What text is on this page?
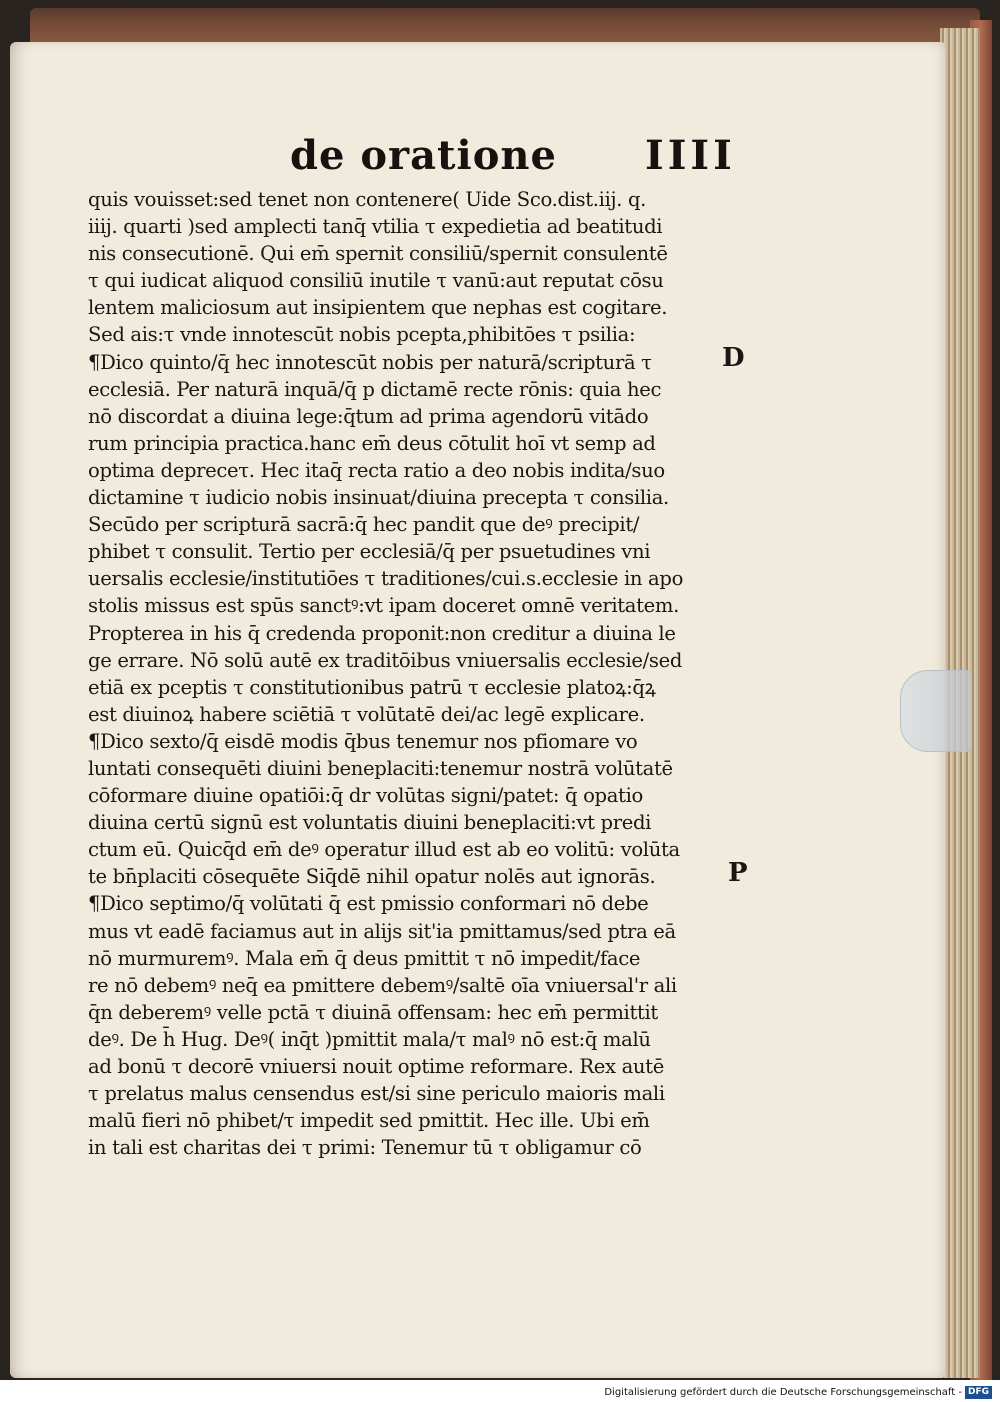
de oratione IIII
quis vouisset:sed tenet non contenere( Uide Sco.dist.iij. q.
iiij. quarti )sed amplecti tanq̄ vtilia τ expedietia ad beatitudi
nis consecutionē. Qui em̄ spernit consiliū/spernit consulentē
τ qui iudicat aliquod consiliū inutile τ vanū:aut reputat cōsu
lentem maliciosum aut insipientem que nephas est cogitare.
Sed ais:τ vnde innotescūt nobis pcepta,phibitōes τ psilia:
¶Dico quinto/q̄ hec innotescūt nobis per naturā/scripturā τ
ecclesiā. Per naturā inquā/q̄ p dictamē recte rōnis: quia hec
nō discordat a diuina lege:q̄tum ad prima agendorū vitādo
rum principia practica.hanc em̄ deus cōtulit hoī vt semp ad
optima depreceτ. Hec itaq̄ recta ratio a deo nobis indita/suo
dictamine τ iudicio nobis insinuat/diuina precepta τ consilia.
Secūdo per scripturā sacrā:q̄ hec pandit que deꝰ precipit/
phibet τ consulit. Tertio per ecclesiā/q̄ per psuetudines vni
uersalis ecclesie/institutiōes τ traditiones/cui.s.ecclesie in apo
stolis missus est spūs sanctꝰ:vt ipam doceret omnē veritatem.
Propterea in his q̄ credenda proponit:non creditur a diuina le
ge errare. Nō solū autē ex traditōibus vniuersalis ecclesie/sed
etiā ex pceptis τ constitutionibus patrū τ ecclesie platoꝝ:q̄ꝝ
est diuinoꝝ habere sciētiā τ volūtatē dei/ac legē explicare.
¶Dico sexto/q̄ eisdē modis q̄bus tenemur nos pfiomare vo
luntati consequēti diuini beneplaciti:tenemur nostrā volūtatē
cōformare diuine opatiōi:q̄ dr volūtas signi/patet: q̄ opatio
diuina certū signū est voluntatis diuini beneplaciti:vt predi
ctum eū. Quicq̄d em̄ deꝰ operatur illud est ab eo volitū: volūta
te bn̄placiti cōsequēte Siq̄dē nihil opatur nolēs aut ignorās.
¶Dico septimo/q̄ volūtati q̄ est pmissio conformari nō debe
mus vt eadē faciamus aut in alijs sit'ia pmittamus/sed ptra eā
nō murmuremꝰ. Mala em̄ q̄ deus pmittit τ nō impedit/face
re nō debemꝰ neq̄ ea pmittere debemꝰ/saltē oīa vniuersal'r ali
q̄n deberemꝰ velle pctā τ diuinā offensam: hec em̄ permittit
deꝰ. De h̄ Hug. Deꝰ( inq̄t )pmittit mala/τ malꝰ nō est:q̄ malū
ad bonū τ decorē vniuersi nouit optime reformare. Rex autē
τ prelatus malus censendus est/si sine periculo maioris mali
malū fieri nō phibet/τ impedit sed pmittit. Hec ille. Ubi em̄
in tali est charitas dei τ primi: Tenemur tū τ obligamur cō
D
P
Digitalisierung gefördert durch die Deutsche Forschungsgemeinschaft - DFG
